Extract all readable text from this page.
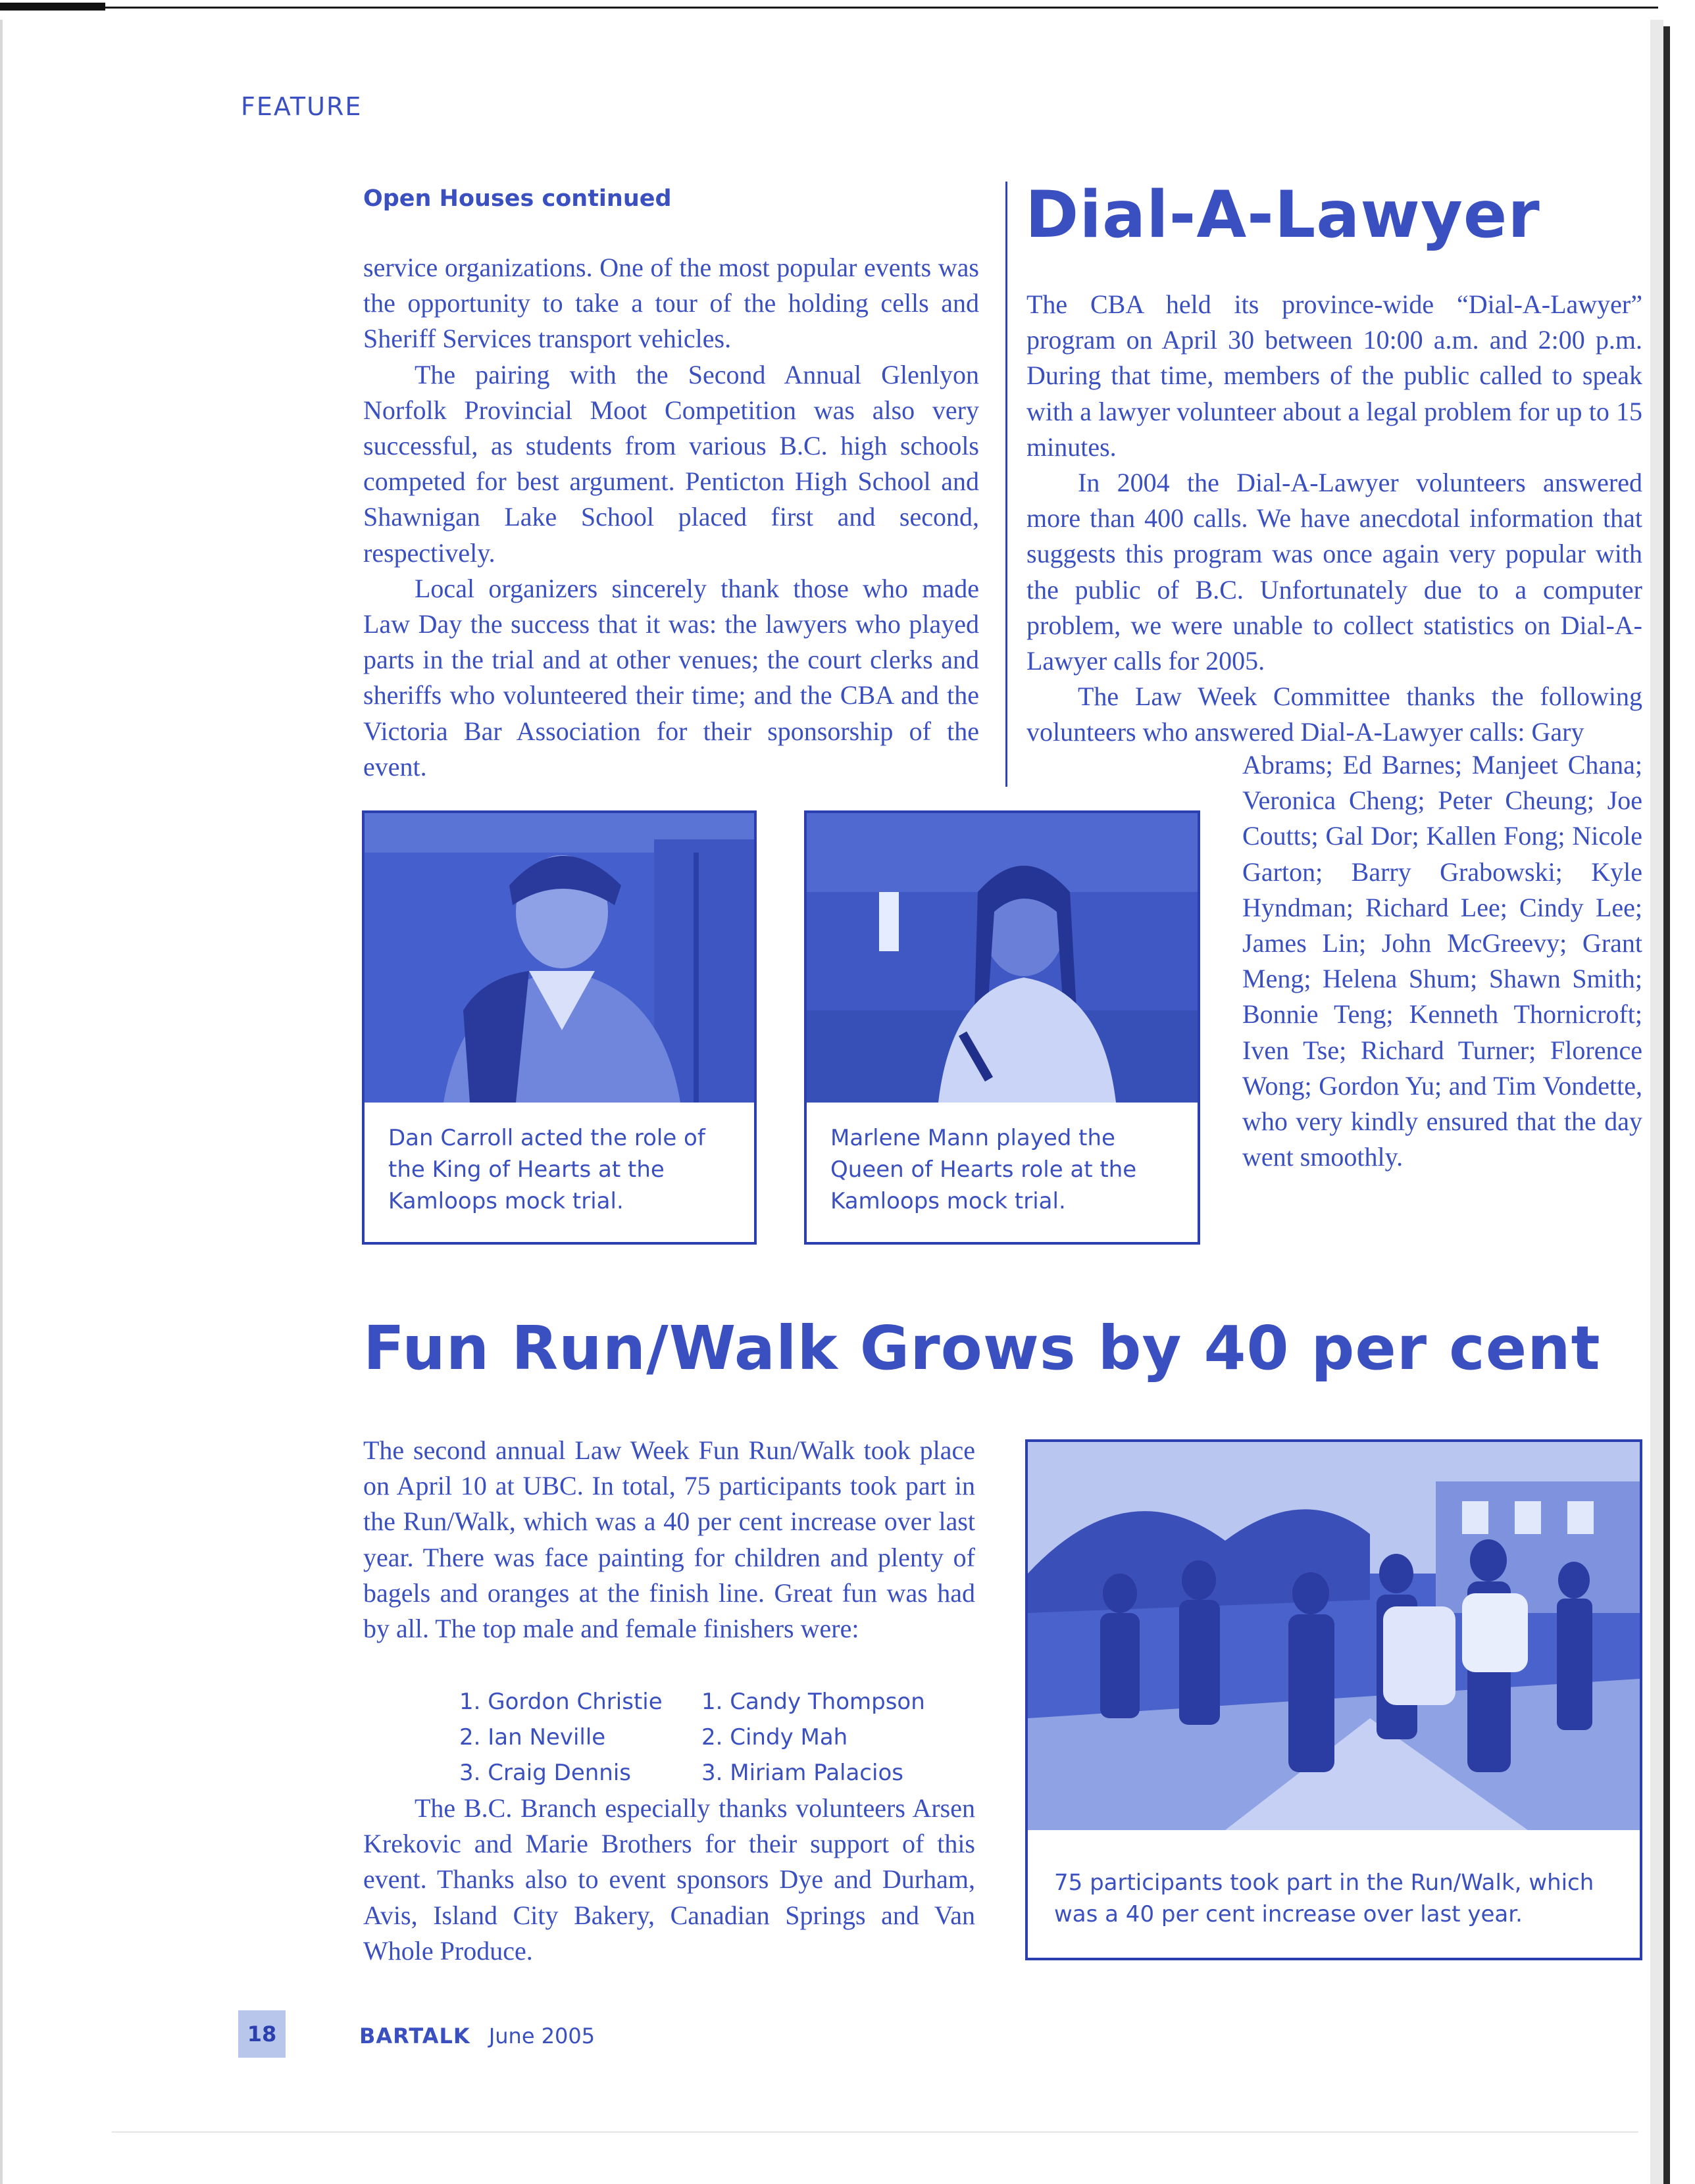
FEATURE
Open Houses continued

service organizations. One of the most popular events was the opportunity to take a tour of the holding cells and Sheriff Services transport vehicles.

The pairing with the Second Annual Glenlyon Norfolk Provincial Moot Competition was also very successful, as students from various B.C. high schools competed for best argument. Penticton High School and Shawnigan Lake School placed first and second, respectively.

Local organizers sincerely thank those who made Law Day the success that it was: the lawyers who played parts in the trial and at other venues; the court clerks and sheriffs who volunteered their time; and the CBA and the Victoria Bar Association for their sponsorship of the event.

Dial-A-Lawyer

The CBA held its province-wide “Dial-A-Lawyer” program on April 30 between 10:00 a.m. and 2:00 p.m. During that time, members of the public called to speak with a lawyer volunteer about a legal problem for up to 15 minutes.

In 2004 the Dial-A-Lawyer volunteers answered more than 400 calls. We have anecdotal information that suggests this program was once again very popular with the public of B.C. Unfortunately due to a computer problem, we were unable to collect statistics on Dial-A-Lawyer calls for 2005.

The Law Week Committee thanks the following volunteers who answered Dial-A-Lawyer calls: Gary

Abrams; Ed Barnes; Manjeet Chana; Veronica Cheng; Peter Cheung; Joe Coutts; Gal Dor; Kallen Fong; Nicole Garton; Barry Grabowski; Kyle Hyndman; Richard Lee; Cindy Lee; James Lin; John McGreevy; Grant Meng; Helena Shum; Shawn Smith; Bonnie Teng; Kenneth Thornicroft; Iven Tse; Richard Turner; Florence Wong; Gordon Yu; and Tim Vondette, who very kindly ensured that the day went smoothly.

Dan Carroll acted the role of the King of Hearts at the Kamloops mock trial.
Marlene Mann played the Queen of Hearts role at the Kamloops mock trial.
Fun Run/Walk Grows by 40 per cent

The second annual Law Week Fun Run/Walk took place on April 10 at UBC. In total, 75 participants took part in the Run/Walk, which was a 40 per cent increase over last year. There was face painting for children and plenty of bagels and oranges at the finish line. Great fun was had by all. The top male and female finishers were:

1. Gordon Christie	1. Candy Thompson
2. Ian Neville	2. Cindy Mah
3. Craig Dennis	3. Miriam Palacios

The B.C. Branch especially thanks volunteers Arsen Krekovic and Marie Brothers for their support of this event. Thanks also to event sponsors Dye and Durham, Avis, Island City Bakery, Canadian Springs and Van Whole Produce.

75 participants took part in the Run/Walk, which was a 40 per cent increase over last year.
18	BARTALK June 2005
